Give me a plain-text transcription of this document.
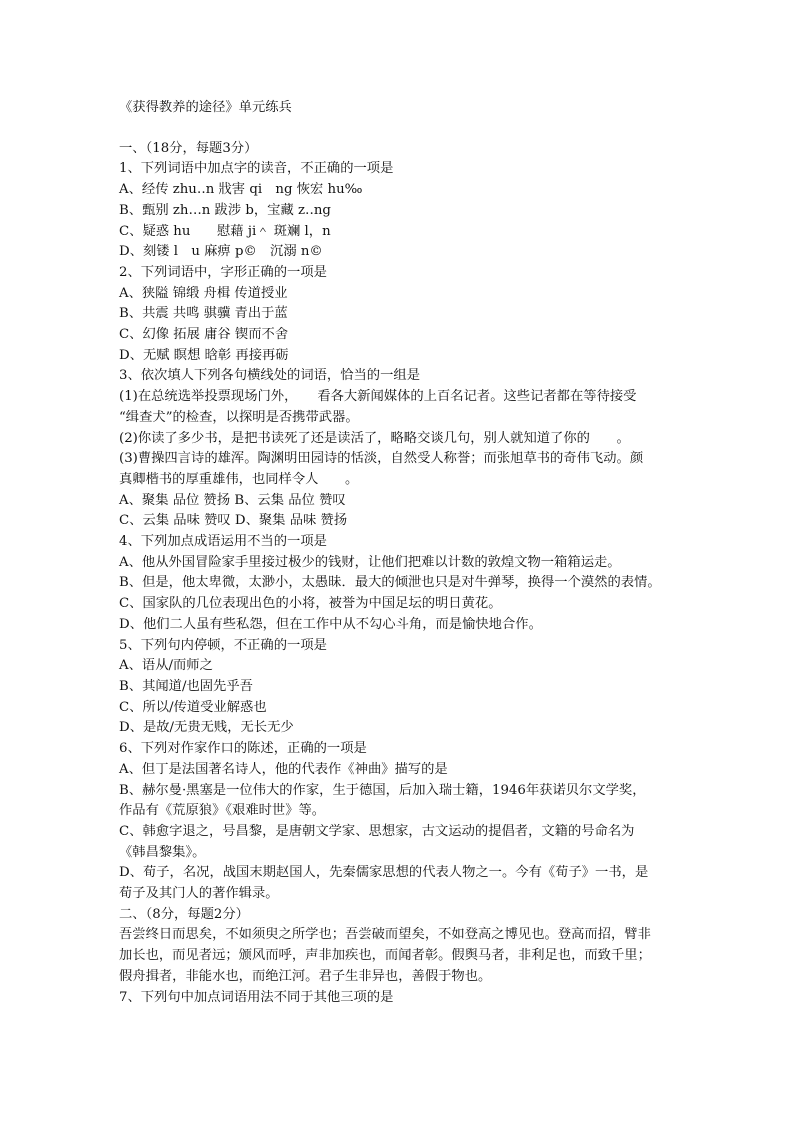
《获得教养的途径》单元练兵
一、（18分，每题3分）
1、下列词语中加点字的读音，不正确的一项是
A、经传 zhu‥n 戕害 qi　ng 恢宏 hu‰
B、甄别 zh…n 跋涉 b，宝藏 z‥ng
C、疑惑 hu　　慰藉 ji＾ 斑斓 l，n
D、刻镂 l　u 麻痹 p©　沉溺 n©
2、下列词语中，字形正确的一项是
A、狭隘 锦缎 舟楫 传道授业
B、共震 共鸣 骐骥 青出于蓝
C、幻像 拓展 庸谷 锲而不舍
D、无赋 瞑想 晗彰 再接再砺
3、依次填人下列各句横线处的词语，恰当的一组是
(1)在总统选举投票现场门外，　　看各大新闻媒体的上百名记者。这些记者都在等待接受
“缉查犬”的检查，以探明是否携带武器。
(2)你读了多少书，是把书读死了还是读活了，略略交谈几句，别人就知道了你的　　。
(3)曹操四言诗的雄浑。陶渊明田园诗的恬淡，自然受人称誉；而张旭草书的奇伟飞动。颜
真卿楷书的厚重雄伟，也同样令人　　。
A、聚集 品位 赞扬 B、云集 品位 赞叹
C、云集 品味 赞叹 D、聚集 品味 赞扬
4、下列加点成语运用不当的一项是
A、他从外国冒险家手里接过极少的钱财，让他们把难以计数的敦煌文物一箱箱运走。
B、但是，他太卑微，太渺小，太愚昧．最大的倾泄也只是对牛弹琴，换得一个漠然的表情。
C、国家队的几位表现出色的小将，被誉为中国足坛的明日黄花。
D、他们二人虽有些私怨，但在工作中从不勾心斗角，而是愉快地合作。
5、下列句内停顿，不正确的一项是
A、语从/而师之
B、其闻道/也固先乎吾
C、所以/传道受业解惑也
D、是故/无贵无贱，无长无少
6、下列对作家作口的陈述，正确的一项是
A、但丁是法国著名诗人，他的代表作《神曲》描写的是
B、赫尔曼·黑塞是一位伟大的作家，生于德国，后加入瑞士籍，1946年获诺贝尔文学奖，
作品有《荒原狼》《艰难时世》等。
C、韩愈字退之，号昌黎，是唐朝文学家、思想家，古文运动的提倡者，文籍的号命名为
《韩昌黎集》。
D、荀子，名况，战国末期赵国人，先秦儒家思想的代表人物之一。今有《荀子》一书，是
荀子及其门人的著作辑录。
二、（8分，每题2分）
吾尝终日而思矣，不如须臾之所学也；吾尝破而望矣，不如登高之博见也。登高而招，臂非
加长也，而见者远；颁风而呼，声非加疾也，而闻者彰。假舆马者，非利足也，而致千里；
假舟揖者，非能水也，而绝江河。君子生非异也，善假于物也。
7、下列句中加点词语用法不同于其他三项的是
